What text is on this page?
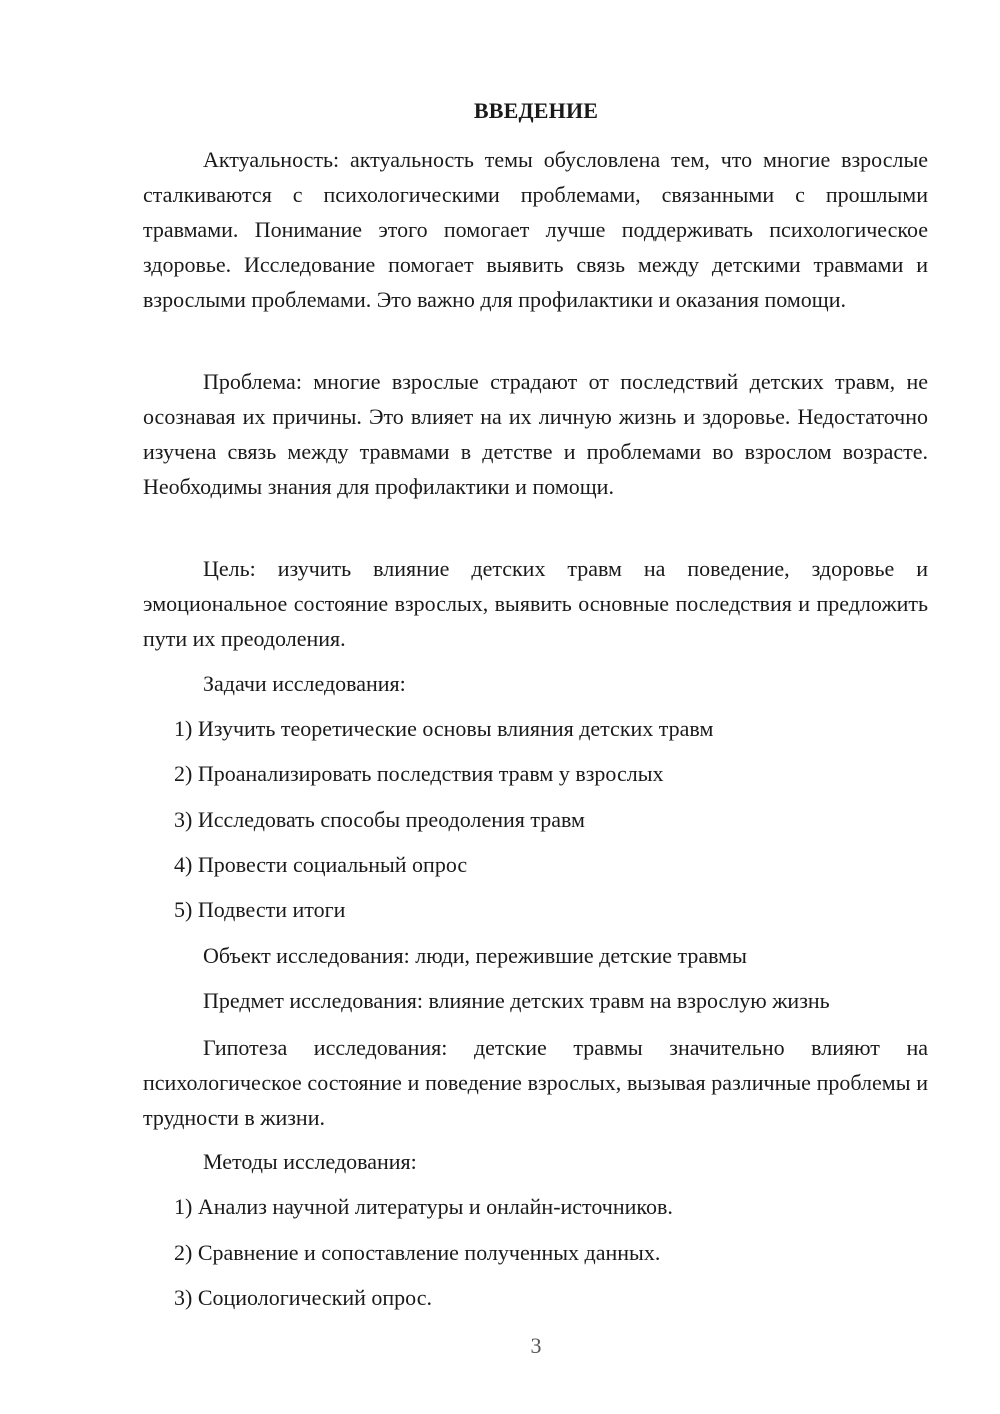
ВВЕДЕНИЕ

Актуальность: актуальность темы обусловлена тем, что многие взрослые сталкиваются с психологическими проблемами, связанными с прошлыми травмами. Понимание этого помогает лучше поддерживать психологическое здоровье. Исследование помогает выявить связь между детскими травмами и взрослыми проблемами. Это важно для профилактики и оказания помощи.

Проблема: многие взрослые страдают от последствий детских травм, не осознавая их причины. Это влияет на их личную жизнь и здоровье. Недостаточно изучена связь между травмами в детстве и проблемами во взрослом возрасте. Необходимы знания для профилактики и помощи.

Цель: изучить влияние детских травм на поведение, здоровье и эмоциональное состояние взрослых, выявить основные последствия и предложить пути их преодоления.

Задачи исследования:
1) Изучить теоретические основы влияния детских травм
2) Проанализировать последствия травм у взрослых
3) Исследовать способы преодоления травм
4) Провести социальный опрос
5) Подвести итоги
Объект исследования: люди, пережившие детские травмы
Предмет исследования: влияние детских травм на взрослую жизнь

Гипотеза исследования: детские травмы значительно влияют на психологическое состояние и поведение взрослых, вызывая различные проблемы и трудности в жизни.

Методы исследования:
1) Анализ научной литературы и онлайн-источников.
2) Сравнение и сопоставление полученных данных.
3) Социологический опрос.
3
